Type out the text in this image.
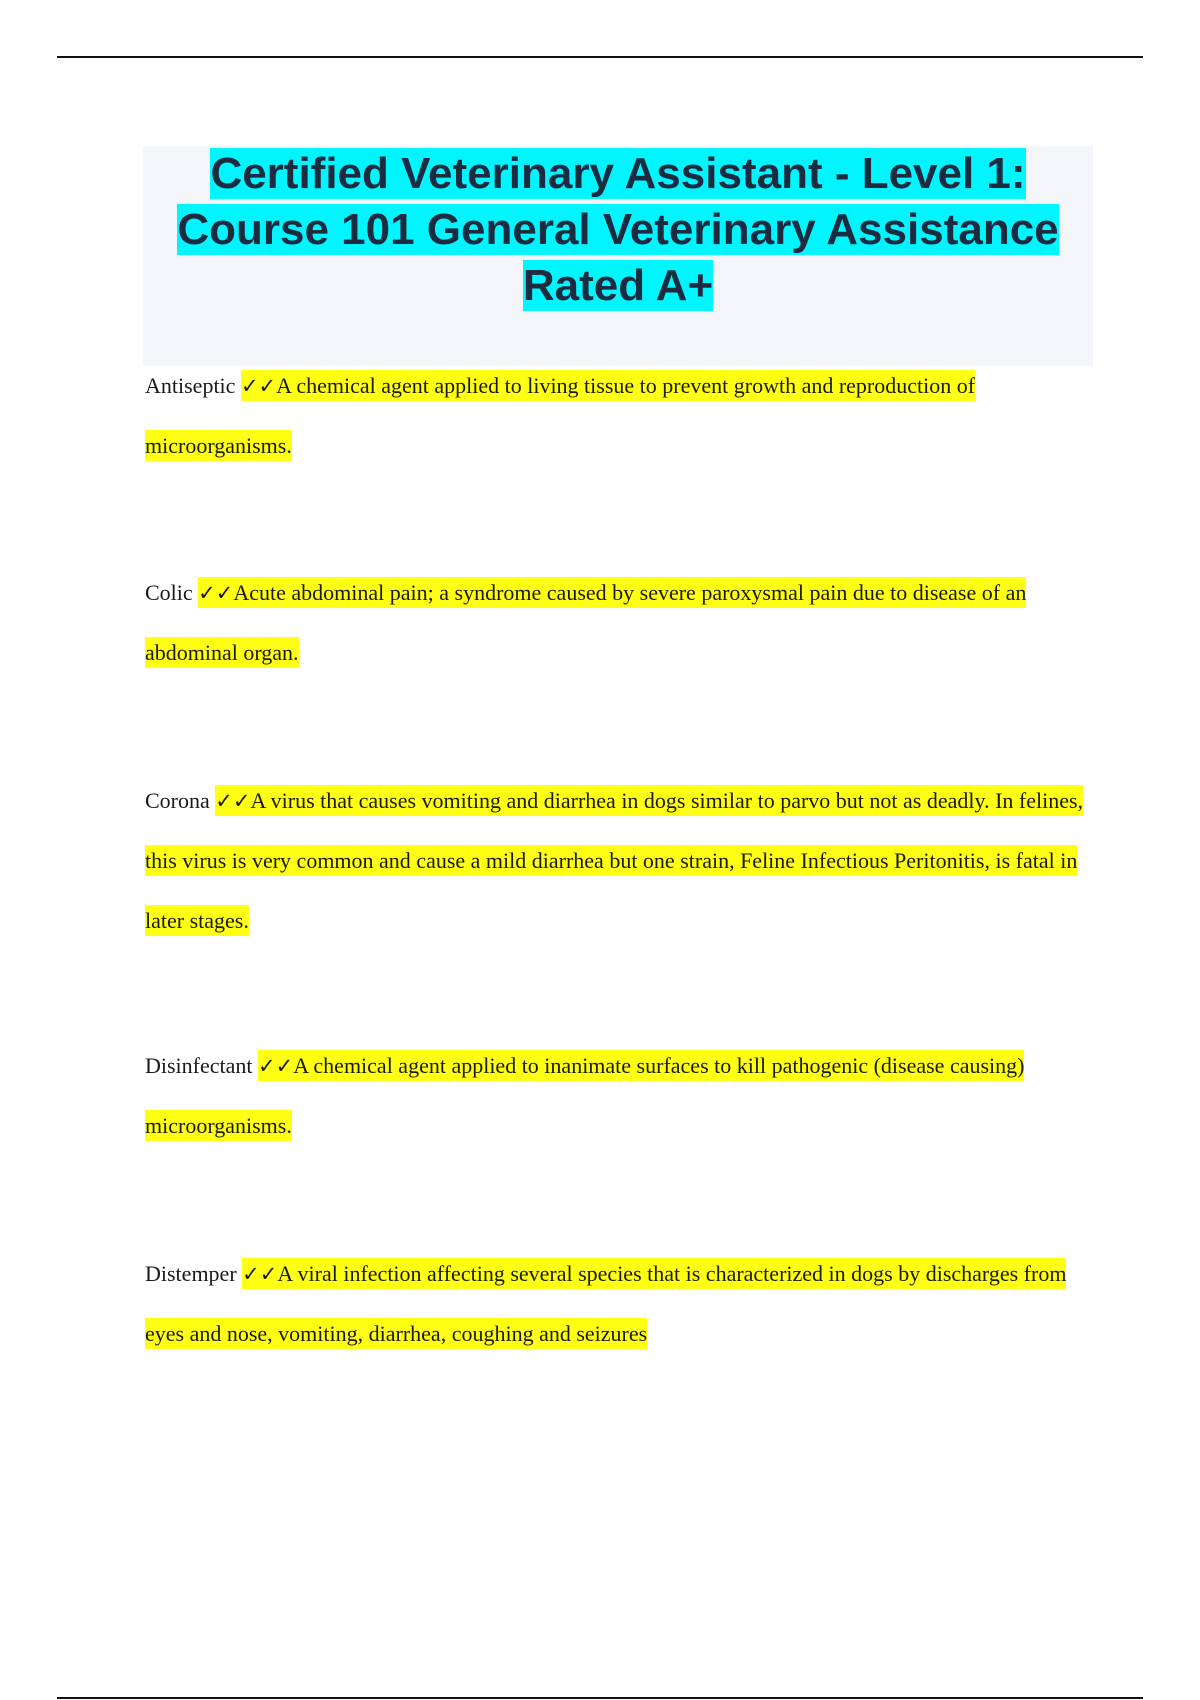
Certified Veterinary Assistant - Level 1: Course 101 General Veterinary Assistance Rated A+
Antiseptic ✓✓A chemical agent applied to living tissue to prevent growth and reproduction of microorganisms.
Colic ✓✓Acute abdominal pain; a syndrome caused by severe paroxysmal pain due to disease of an abdominal organ.
Corona ✓✓A virus that causes vomiting and diarrhea in dogs similar to parvo but not as deadly. In felines, this virus is very common and cause a mild diarrhea but one strain, Feline Infectious Peritonitis, is fatal in later stages.
Disinfectant ✓✓A chemical agent applied to inanimate surfaces to kill pathogenic (disease causing) microorganisms.
Distemper ✓✓A viral infection affecting several species that is characterized in dogs by discharges from eyes and nose, vomiting, diarrhea, coughing and seizures
